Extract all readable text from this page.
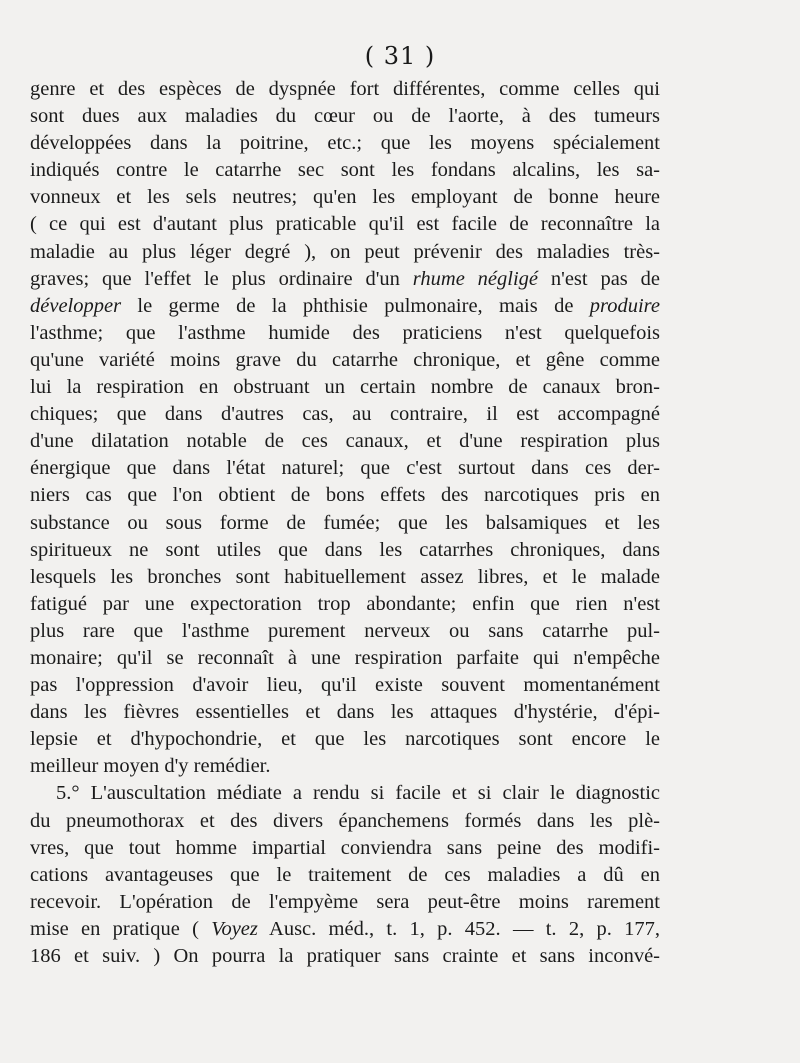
( 31 )
genre et des espèces de dyspnée fort différentes, comme celles qui
sont dues aux maladies du cœur ou de l'aorte, à des tumeurs
développées dans la poitrine, etc.; que les moyens spécialement
indiqués contre le catarrhe sec sont les fondans alcalins, les sa-
vonneux et les sels neutres; qu'en les employant de bonne heure
( ce qui est d'autant plus praticable qu'il est facile de reconnaître la
maladie au plus léger degré ), on peut prévenir des maladies très-
graves; que l'effet le plus ordinaire d'un rhume négligé n'est pas de
développer le germe de la phthisie pulmonaire, mais de produire
l'asthme; que l'asthme humide des praticiens n'est quelquefois
qu'une variété moins grave du catarrhe chronique, et gêne comme
lui la respiration en obstruant un certain nombre de canaux bron-
chiques; que dans d'autres cas, au contraire, il est accompagné
d'une dilatation notable de ces canaux, et d'une respiration plus
énergique que dans l'état naturel; que c'est surtout dans ces der-
niers cas que l'on obtient de bons effets des narcotiques pris en
substance ou sous forme de fumée; que les balsamiques et les
spiritueux ne sont utiles que dans les catarrhes chroniques, dans
lesquels les bronches sont habituellement assez libres, et le malade
fatigué par une expectoration trop abondante; enfin que rien n'est
plus rare que l'asthme purement nerveux ou sans catarrhe pul-
monaire; qu'il se reconnaît à une respiration parfaite qui n'empêche
pas l'oppression d'avoir lieu, qu'il existe souvent momentanément
dans les fièvres essentielles et dans les attaques d'hystérie, d'épi-
lepsie et d'hypochondrie, et que les narcotiques sont encore le
meilleur moyen d'y remédier.
5.° L'auscultation médiate a rendu si facile et si clair le diagnostic
du pneumothorax et des divers épanchemens formés dans les plè-
vres, que tout homme impartial conviendra sans peine des modifi-
cations avantageuses que le traitement de ces maladies a dû en
recevoir. L'opération de l'empyème sera peut-être moins rarement
mise en pratique ( Voyez Ausc. méd., t. 1, p. 452. — t. 2, p. 177,
186 et suiv. ) On pourra la pratiquer sans crainte et sans inconvé-
